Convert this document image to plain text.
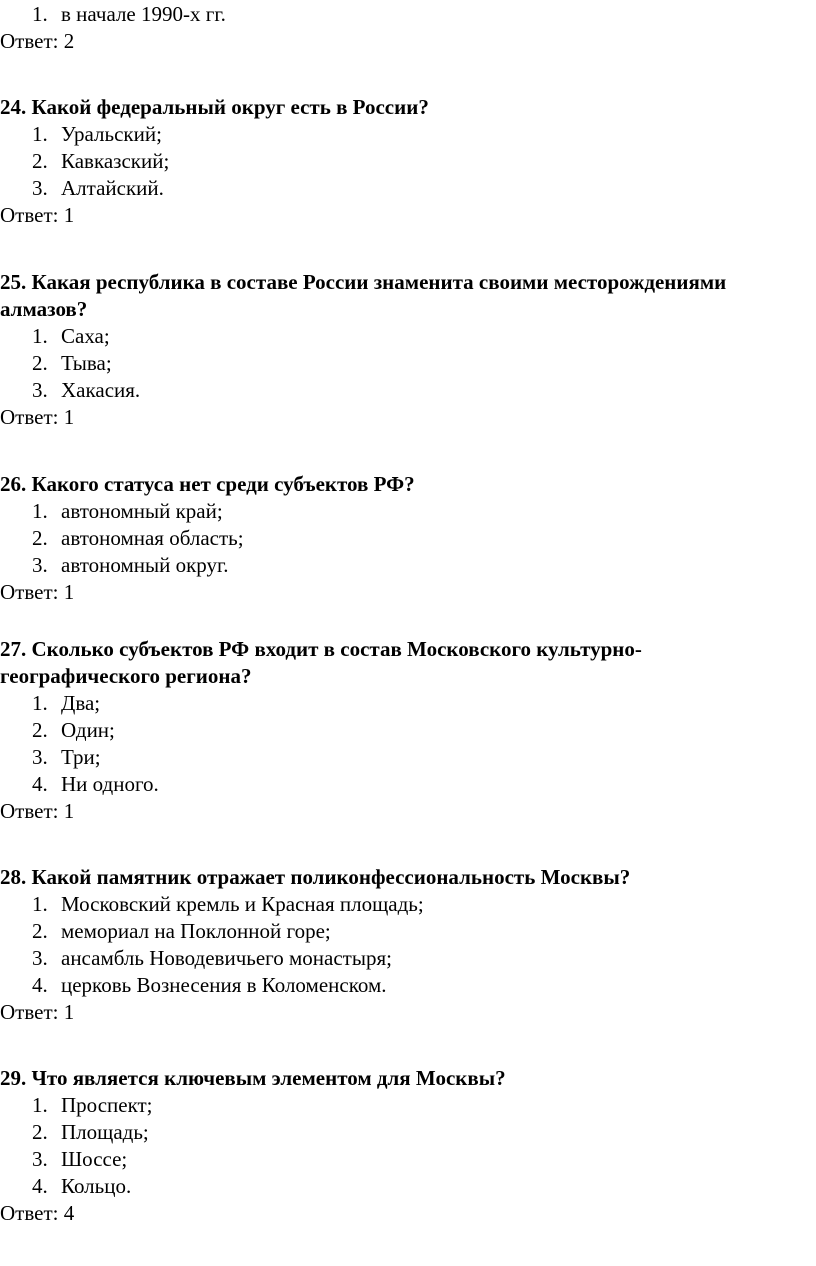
1. в начале 1990-х гг.
Ответ: 2
24. Какой федеральный округ есть в России?
1. Уральский;
2. Кавказский;
3. Алтайский.
Ответ: 1
25. Какая республика в составе России знаменита своими месторождениями
алмазов?
1. Саха;
2. Тыва;
3. Хакасия.
Ответ: 1
26. Какого статуса нет среди субъектов РФ?
1. автономный край;
2. автономная область;
3. автономный округ.
Ответ: 1
27. Сколько субъектов РФ входит в состав Московского культурно-
географического региона?
1. Два;
2. Один;
3. Три;
4. Ни одного.
Ответ: 1
28. Какой памятник отражает поликонфессиональность Москвы?
1. Московский кремль и Красная площадь;
2. мемориал на Поклонной горе;
3. ансамбль Новодевичьего монастыря;
4. церковь Вознесения в Коломенском.
Ответ: 1
29. Что является ключевым элементом для Москвы?
1. Проспект;
2. Площадь;
3. Шоссе;
4. Кольцо.
Ответ: 4
